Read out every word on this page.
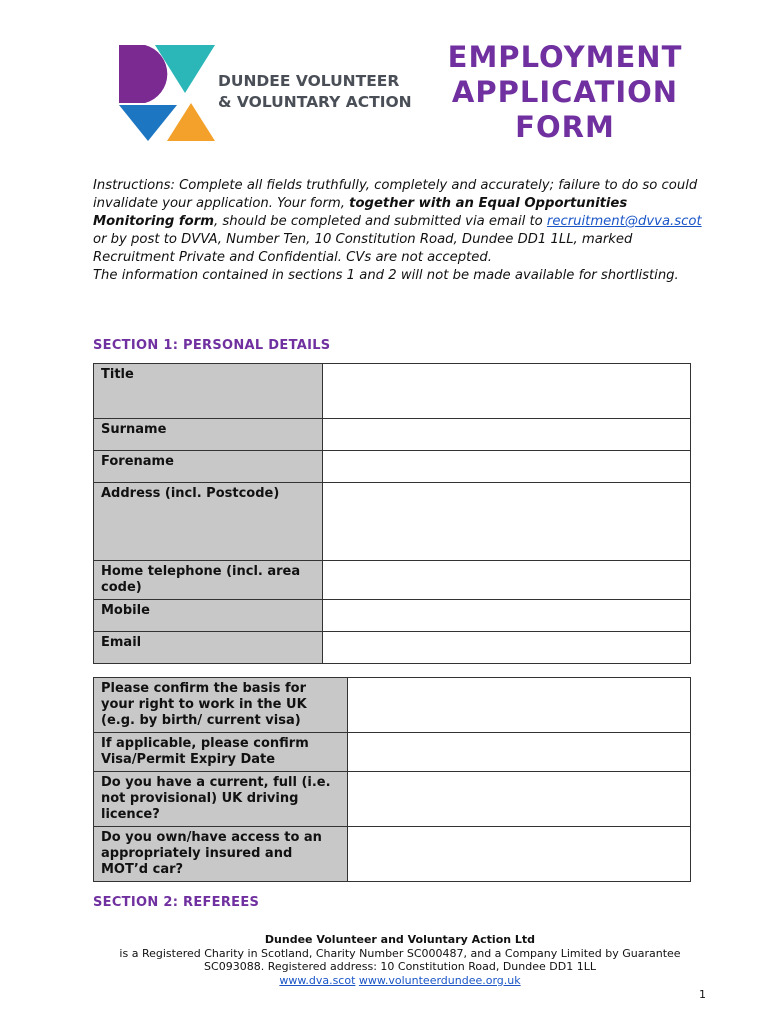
DUNDEE VOLUNTEER
& VOLUNTARY ACTION
EMPLOYMENT
APPLICATION
FORM
Instructions: Complete all fields truthfully, completely and accurately; failure to do so could invalidate your application. Your form, together with an Equal Opportunities Monitoring form, should be completed and submitted via email to recruitment@dvva.scot or by post to DVVA, Number Ten, 10 Constitution Road, Dundee DD1 1LL, marked Recruitment Private and Confidential. CVs are not accepted.
The information contained in sections 1 and 2 will not be made available for shortlisting.
SECTION 1: PERSONAL DETAILS
Title	
Surname	
Forename	
Address (incl. Postcode)	
Home telephone (incl. area code)	
Mobile	
Email	
Please confirm the basis for your right to work in the UK
(e.g. by birth/ current visa)	
If applicable, please confirm Visa/Permit Expiry Date	
Do you have a current, full (i.e. not provisional) UK driving licence?	
Do you own/have access to an appropriately insured and MOT’d car?	
SECTION 2: REFEREES
Dundee Volunteer and Voluntary Action Ltd
is a Registered Charity in Scotland, Charity Number SC000487, and a Company Limited by Guarantee
SC093088. Registered address: 10 Constitution Road, Dundee DD1 1LL
www.dva.scot www.volunteerdundee.org.uk
1
